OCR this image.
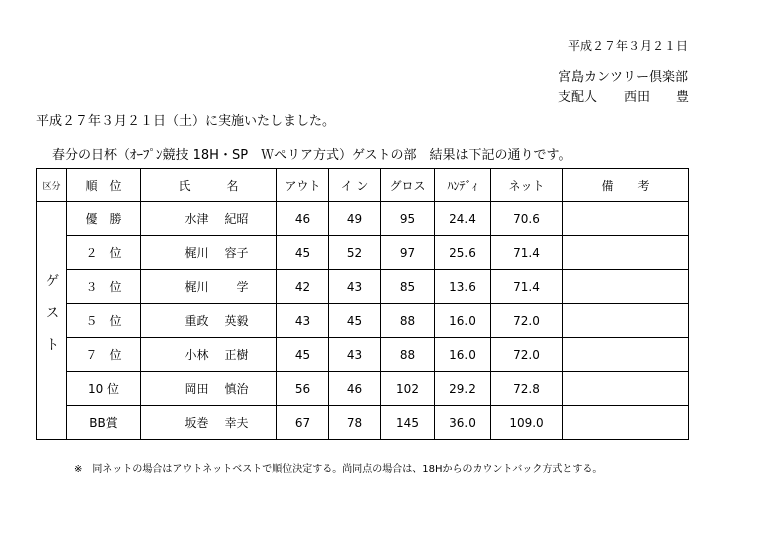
平成２７年３月２１日
宮島カンツリー倶楽部
支配人 西田　　豊
平成２７年３月２１日（土）に実施いたしました。
春分の日杯（ｵｰﾌﾟﾝ競技 18H・SP　Ｗペリア方式）ゲストの部　結果は下記の通りです。
区分	順　位	氏　　　名	アウト	イ ン	グロス	ﾊﾝﾃﾞｨ	ネット	備　　考
ゲスト	優　勝	水津 紀昭	46	49	95	24.4	70.6	
	２　位	梶川 容子	45	52	97	25.6	71.4	
	３　位	梶川　学	42	43	85	13.6	71.4	
	５　位	重政 英毅	43	45	88	16.0	72.0	
	７　位	小林 正樹	45	43	88	16.0	72.0	
	10 位	岡田 慎治	56	46	102	29.2	72.8	
	BB賞	坂巻 幸夫	67	78	145	36.0	109.0	
※　同ネットの場合はアウトネットベストで順位決定する。尚同点の場合は、18Hからのカウントバック方式とする。
